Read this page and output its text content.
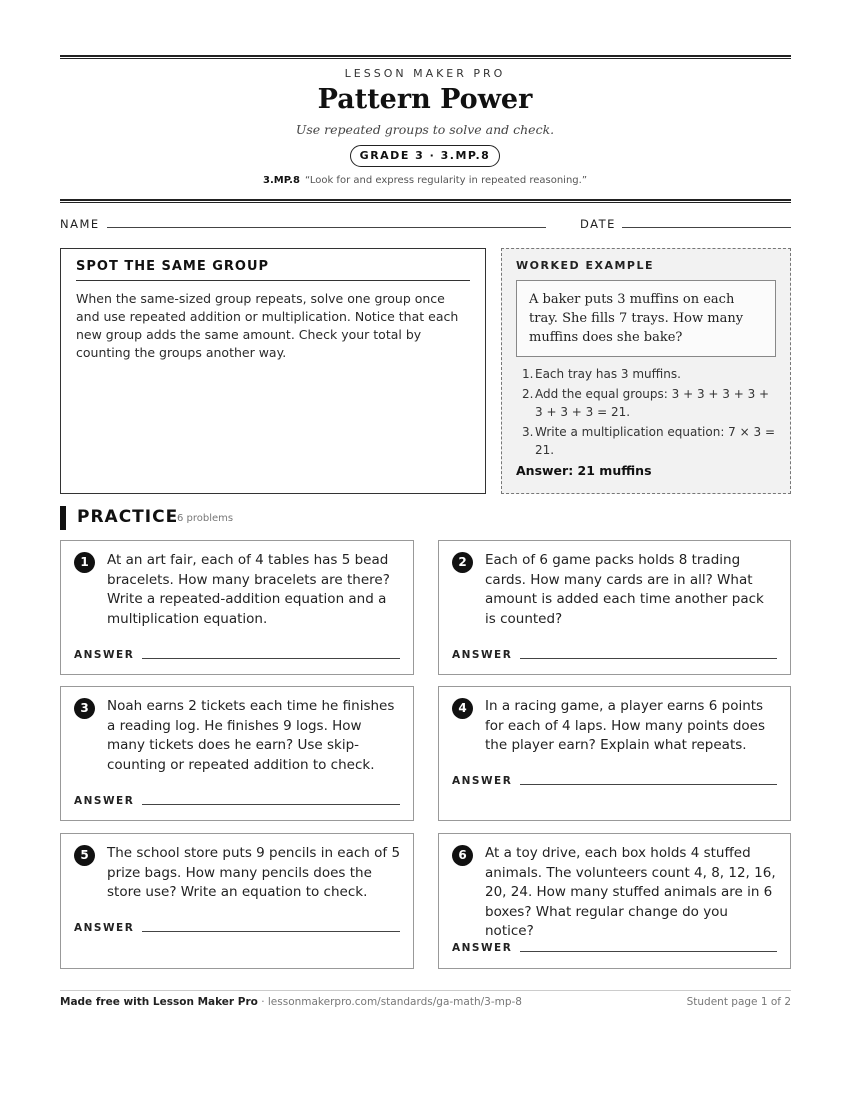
LESSON MAKER PRO
Pattern Power
Use repeated groups to solve and check.
GRADE 3 · 3.MP.8
3.MP.8 “Look for and express regularity in repeated reasoning.”
NAME	DATE
SPOT THE SAME GROUP
When the same-sized group repeats, solve one group once and use repeated addition or multiplication. Notice that each new group adds the same amount. Check your total by counting the groups another way.
WORKED EXAMPLE
A baker puts 3 muffins on each tray. She fills 7 trays. How many muffins does she bake?
1. Each tray has 3 muffins.
2. Add the equal groups: 3 + 3 + 3 + 3 + 3 + 3 + 3 = 21.
3. Write a multiplication equation: 7 × 3 = 21.
Answer: 21 muffins
PRACTICE
6 problems
1	At an art fair, each of 4 tables has 5 bead bracelets. How many bracelets are there? Write a repeated-addition equation and a multiplication equation.
ANSWER
2	Each of 6 game packs holds 8 trading cards. How many cards are in all? What amount is added each time another pack is counted?
ANSWER
3	Noah earns 2 tickets each time he finishes a reading log. He finishes 9 logs. How many tickets does he earn? Use skip-counting or repeated addition to check.
ANSWER
4	In a racing game, a player earns 6 points for each of 4 laps. How many points does the player earn? Explain what repeats.
ANSWER
5	The school store puts 9 pencils in each of 5 prize bags. How many pencils does the store use? Write an equation to check.
ANSWER
6	At a toy drive, each box holds 4 stuffed animals. The volunteers count 4, 8, 12, 16, 20, 24. How many stuffed animals are in 6 boxes? What regular change do you notice?
ANSWER
Made free with Lesson Maker Pro · lessonmakerpro.com/standards/ga-math/3-mp-8	Student page 1 of 2
